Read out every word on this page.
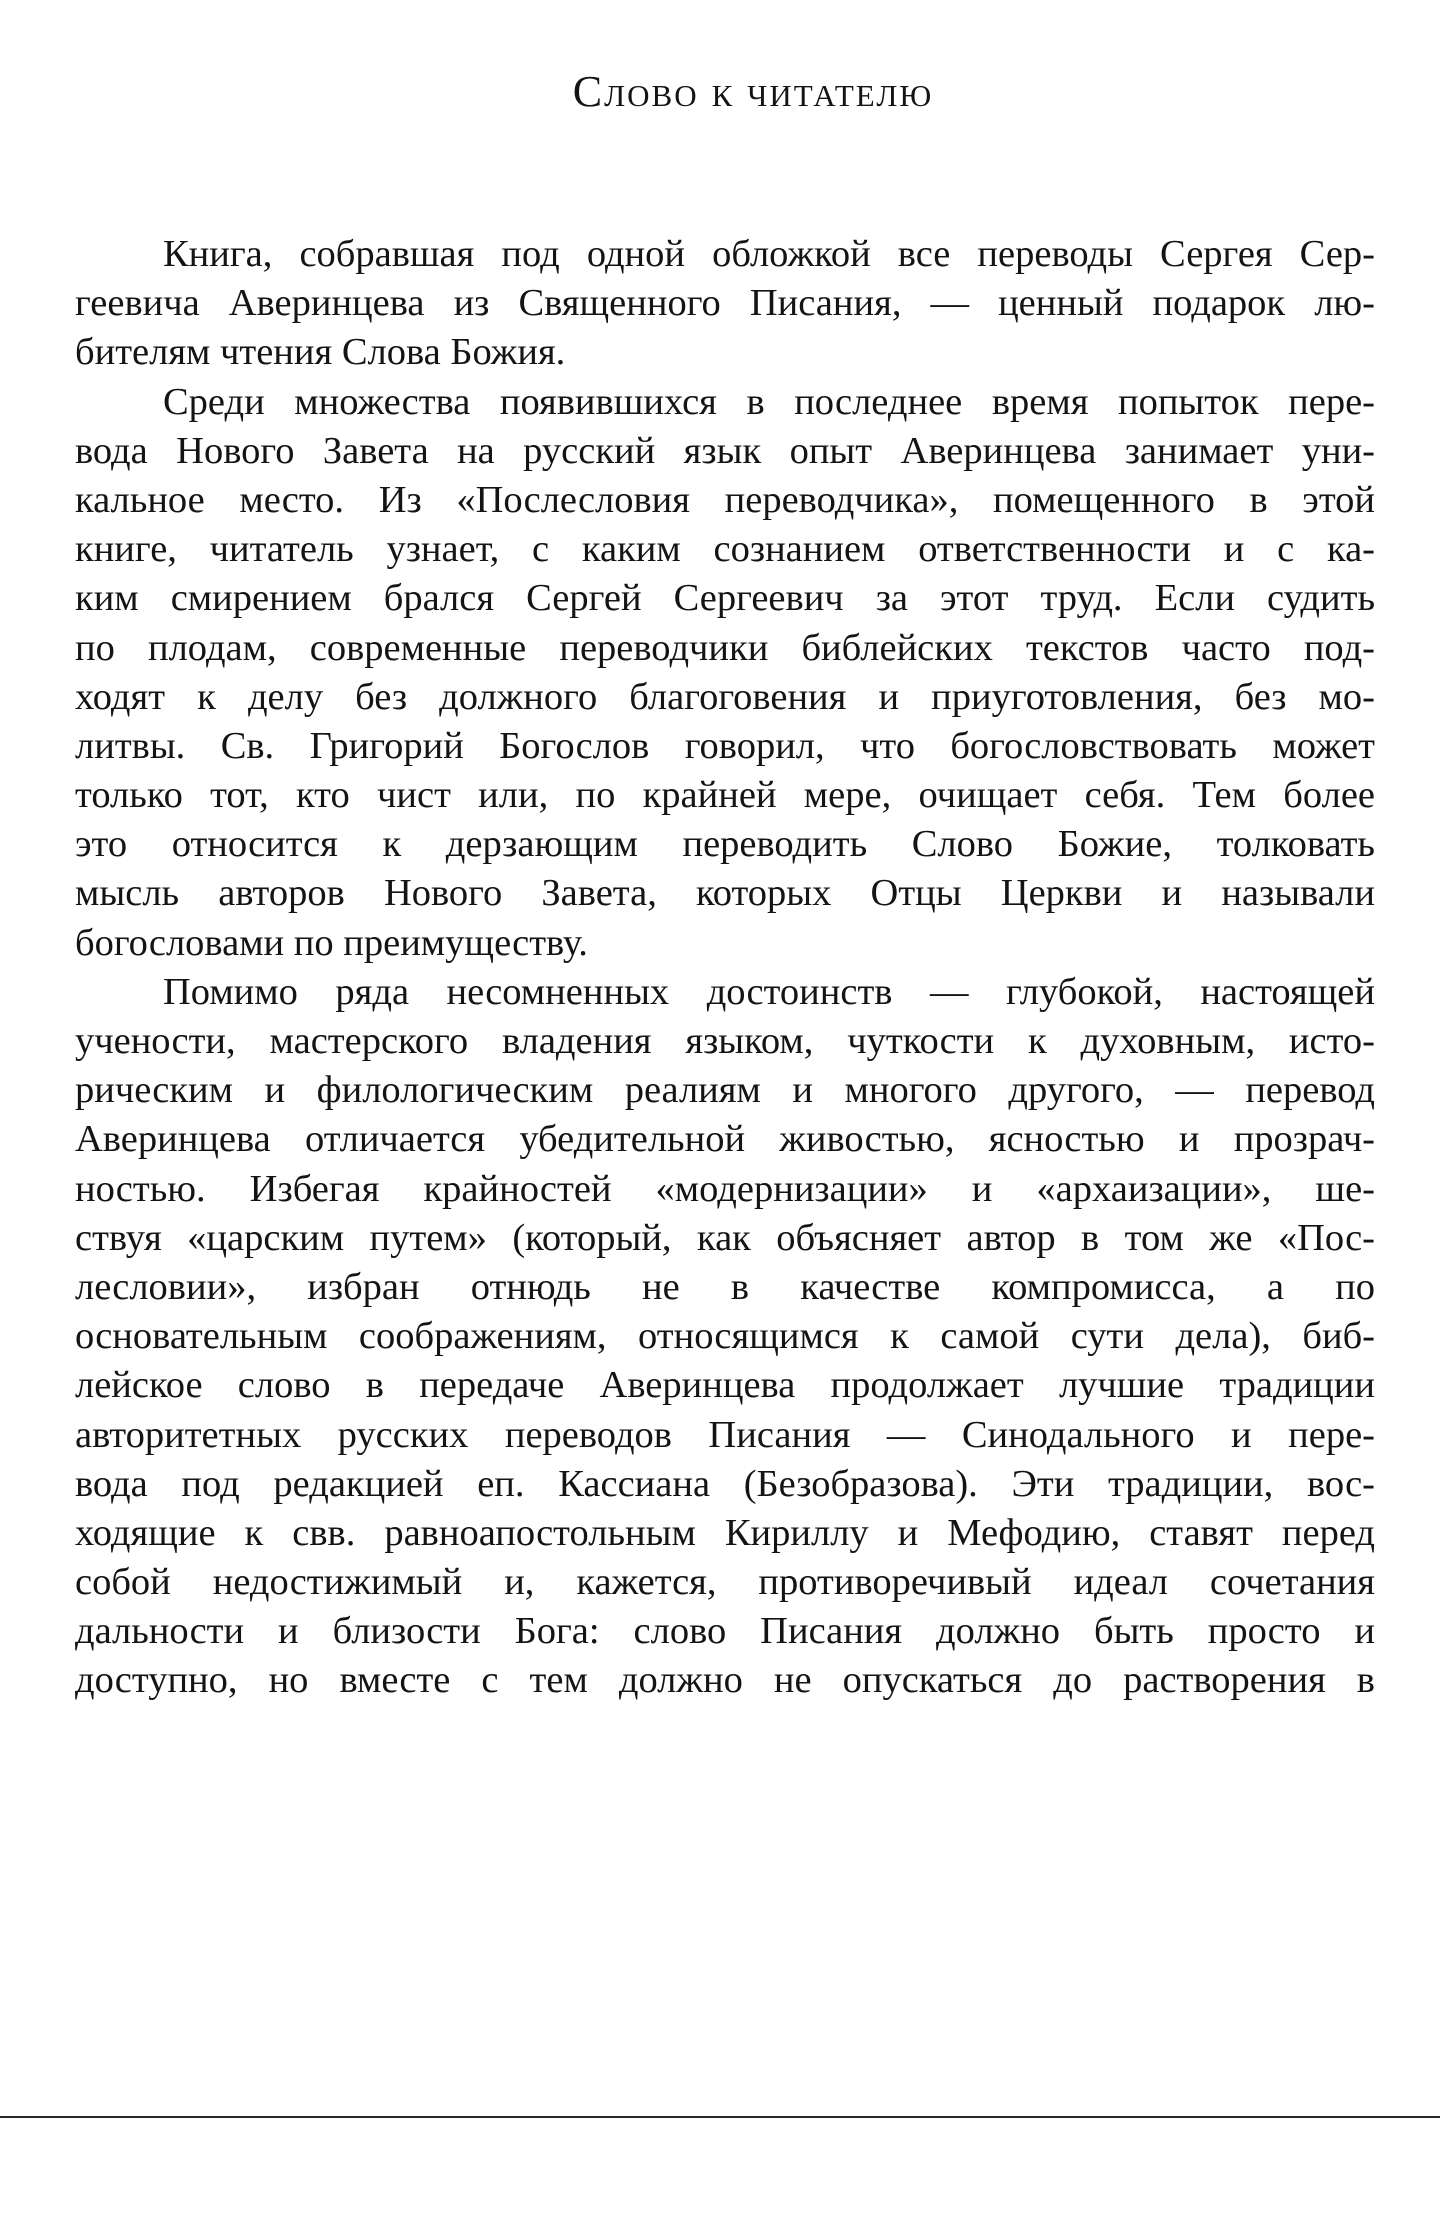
Слово к читателю
Книга, собравшая под одной обложкой все переводы Сергея Сер-
геевича Аверинцева из Священного Писания, — ценный подарок лю-
бителям чтения Слова Божия.
Среди множества появившихся в последнее время попыток пере-
вода Нового Завета на русский язык опыт Аверинцева занимает уни-
кальное место. Из «Послесловия переводчика», помещенного в этой
книге, читатель узнает, с каким сознанием ответственности и с ка-
ким смирением брался Сергей Сергеевич за этот труд. Если судить
по плодам, современные переводчики библейских текстов часто под-
ходят к делу без должного благоговения и приуготовления, без мо-
литвы. Св. Григорий Богослов говорил, что богословствовать может
только тот, кто чист или, по крайней мере, очищает себя. Тем более
это относится к дерзающим переводить Слово Божие, толковать
мысль авторов Нового Завета, которых Отцы Церкви и называли
богословами по преимуществу.
Помимо ряда несомненных достоинств — глубокой, настоящей
учености, мастерского владения языком, чуткости к духовным, исто-
рическим и филологическим реалиям и многого другого, — перевод
Аверинцева отличается убедительной живостью, ясностью и прозрач-
ностью. Избегая крайностей «модернизации» и «архаизации», ше-
ствуя «царским путем» (который, как объясняет автор в том же «Пос-
лесловии», избран отнюдь не в качестве компромисса, а по
основательным соображениям, относящимся к самой сути дела), биб-
лейское слово в передаче Аверинцева продолжает лучшие традиции
авторитетных русских переводов Писания — Синодального и пере-
вода под редакцией еп. Кассиана (Безобразова). Эти традиции, вос-
ходящие к свв. равноапостольным Кириллу и Мефодию, ставят перед
собой недостижимый и, кажется, противоречивый идеал сочетания
дальности и близости Бога: слово Писания должно быть просто и
доступно, но вместе с тем должно не опускаться до растворения в
